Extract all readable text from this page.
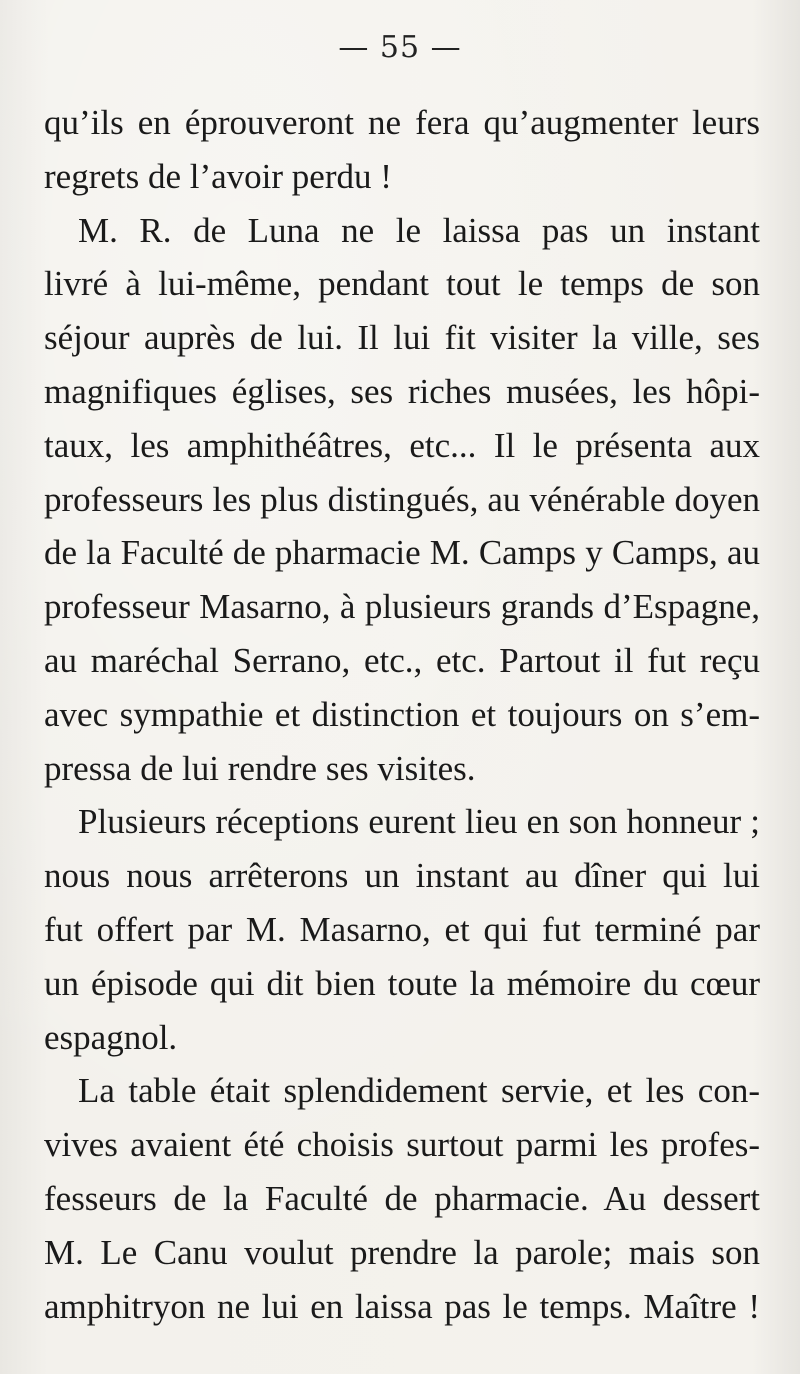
— 55 —
qu’ils en éprouveront ne fera qu’augmenter leurs
regrets de l’avoir perdu !
M. R. de Luna ne le laissa pas un instant
livré à lui-même, pendant tout le temps de son
séjour auprès de lui. Il lui fit visiter la ville, ses
magnifiques églises, ses riches musées, les hôpi-
taux, les amphithéâtres, etc... Il le présenta aux
professeurs les plus distingués, au vénérable doyen
de la Faculté de pharmacie M. Camps y Camps, au
professeur Masarno, à plusieurs grands d’Espagne,
au maréchal Serrano, etc., etc. Partout il fut reçu
avec sympathie et distinction et toujours on s’em-
pressa de lui rendre ses visites.
Plusieurs réceptions eurent lieu en son honneur ;
nous nous arrêterons un instant au dîner qui lui
fut offert par M. Masarno, et qui fut terminé par
un épisode qui dit bien toute la mémoire du cœur
espagnol.
La table était splendidement servie, et les con-
vives avaient été choisis surtout parmi les profes-
fesseurs de la Faculté de pharmacie. Au dessert
M. Le Canu voulut prendre la parole; mais son
amphitryon ne lui en laissa pas le temps. Maître !
